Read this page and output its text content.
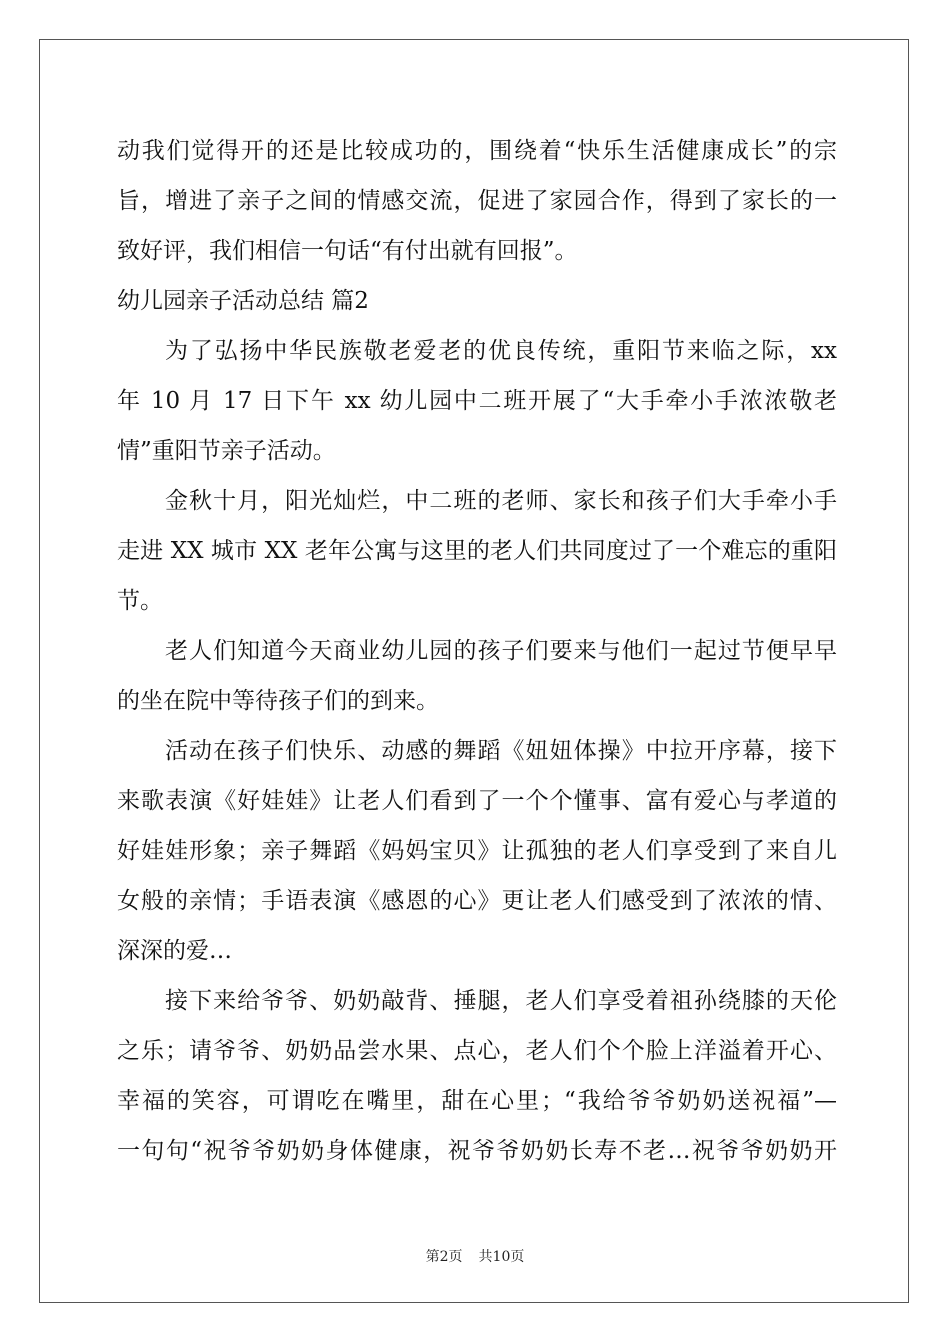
动我们觉得开的还是比较成功的，围绕着“快乐生活健康成长”的宗
旨，增进了亲子之间的情感交流，促进了家园合作，得到了家长的一
致好评，我们相信一句话“有付出就有回报”。
幼儿园亲子活动总结 篇2
为了弘扬中华民族敬老爱老的优良传统，重阳节来临之际，xx
年 10 月 17 日下午 xx 幼儿园中二班开展了“大手牵小手浓浓敬老
情”重阳节亲子活动。
金秋十月，阳光灿烂，中二班的老师、家长和孩子们大手牵小手
走进 XX 城市 XX 老年公寓与这里的老人们共同度过了一个难忘的重阳
节。
老人们知道今天商业幼儿园的孩子们要来与他们一起过节便早早
的坐在院中等待孩子们的到来。
活动在孩子们快乐、动感的舞蹈《妞妞体操》中拉开序幕，接下
来歌表演《好娃娃》让老人们看到了一个个懂事、富有爱心与孝道的
好娃娃形象；亲子舞蹈《妈妈宝贝》让孤独的老人们享受到了来自儿
女般的亲情；手语表演《感恩的心》更让老人们感受到了浓浓的情、
深深的爱…
接下来给爷爷、奶奶敲背、捶腿，老人们享受着祖孙绕膝的天伦
之乐；请爷爷、奶奶品尝水果、点心，老人们个个脸上洋溢着开心、
幸福的笑容，可谓吃在嘴里，甜在心里；“我给爷爷奶奶送祝福”—
一句句“祝爷爷奶奶身体健康，祝爷爷奶奶长寿不老…祝爷爷奶奶开
第2页 共10页
